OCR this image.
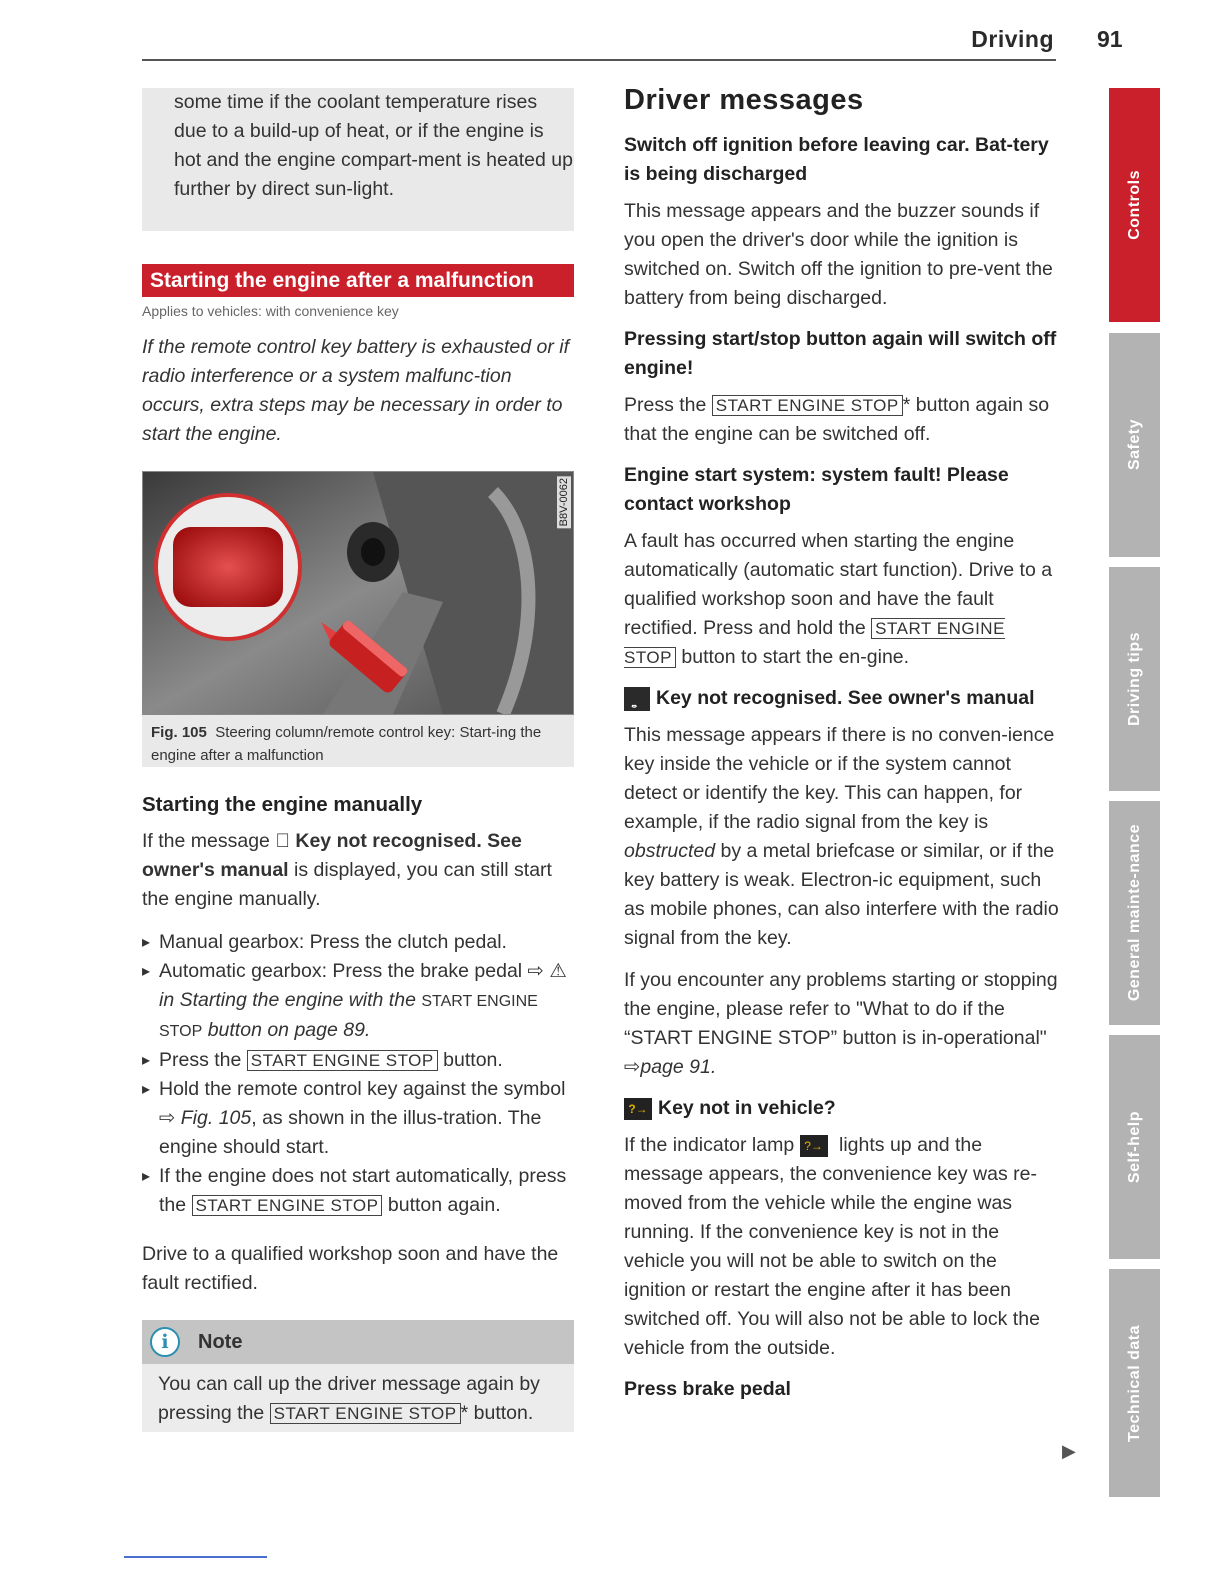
Driving 91
some time if the coolant temperature rises due to a build-up of heat, or if the engine is hot and the engine compart-ment is heated up further by direct sun-light.
Starting the engine after a malfunction
Applies to vehicles: with convenience key
If the remote control key battery is exhausted or if radio interference or a system malfunc-tion occurs, extra steps may be necessary in order to start the engine.
B8V-0062
Fig. 105 Steering column/remote control key: Start-ing the engine after a malfunction
Starting the engine manually

If the message Key not recognised. See owner's manual is displayed, you can still start the engine manually.

▸ Manual gearbox: Press the clutch pedal.
▸ Automatic gearbox: Press the brake pedal ⇨ ⚠ in Starting the engine with the START ENGINE STOP button on page 89.
▸ Press the START ENGINE STOP button.
▸ Hold the remote control key against the symbol ⇨ Fig. 105, as shown in the illus-tration. The engine should start.
▸ If the engine does not start automatically, press the START ENGINE STOP button again.

Drive to a qualified workshop soon and have the fault rectified.

i	Note
You can call up the driver message again by pressing the START ENGINE STOP * button.
Driver messages
Switch off ignition before leaving car. Bat-tery is being discharged

This message appears and the buzzer sounds if you open the driver's door while the ignition is switched on. Switch off the ignition to pre-vent the battery from being discharged.

Pressing start/stop button again will switch off engine!

Press the START ENGINE STOP * button again so that the engine can be switched off.

Engine start system: system fault! Please contact workshop

A fault has occurred when starting the engine automatically (automatic start function). Drive to a qualified workshop soon and have the fault rectified. Press and hold the START ENGINE STOP button to start the en-gine.

Key not recognised. See owner's manual

This message appears if there is no conven-ience key inside the vehicle or if the system cannot detect or identify the key. This can happen, for example, if the radio signal from the key is obstructed by a metal briefcase or similar, or if the key battery is weak. Electron-ic equipment, such as mobile phones, can also interfere with the radio signal from the key.

If you encounter any problems starting or stopping the engine, please refer to "What to do if the “START ENGINE STOP” button is in-operational" ⇨page 91.

?→ Key not in vehicle?

If the indicator lamp ?→ lights up and the message appears, the convenience key was re-moved from the vehicle while the engine was running. If the convenience key is not in the vehicle you will not be able to switch on the ignition or restart the engine after it has been switched off. You will also not be able to lock the vehicle from the outside.

Press brake pedal
▶
Controls
Safety
Driving tips
General mainte-nance
Self-help
Technical data
